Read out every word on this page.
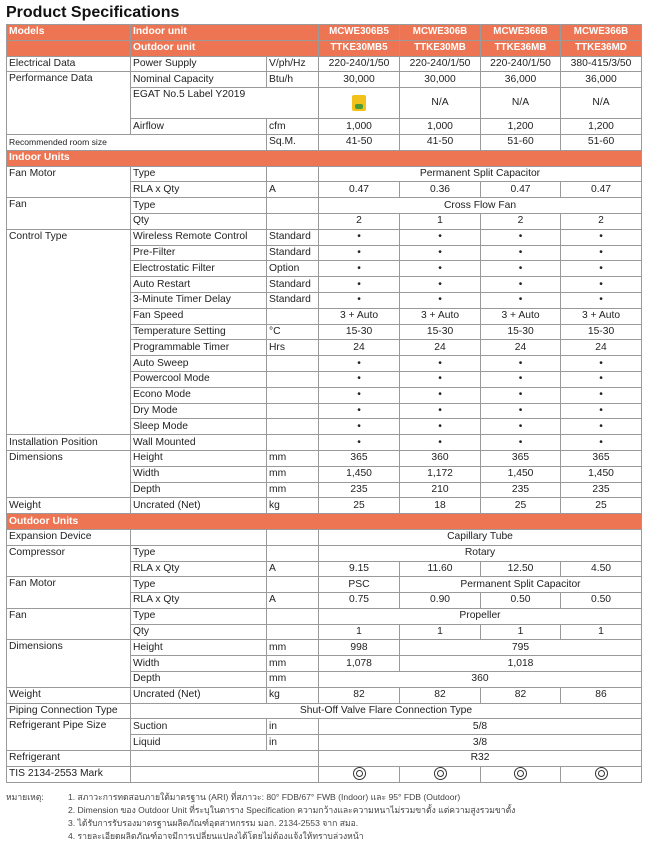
Product Specifications
Models	Indoor unit		MCWE306B5	MCWE306B	MCWE366B	MCWE366B
	Outdoor unit		TTKE30MB5	TTKE30MB	TTKE36MB	TTKE36MD
Electrical Data	Power Supply	V/ph/Hz	220-240/1/50	220-240/1/50	220-240/1/50	380-415/3/50
Performance Data	Nominal Capacity	Btu/h	30,000	30,000	36,000	36,000
	EGAT No.5 Label Y2019			N/A	N/A	N/A
	Airflow	cfm	1,000	1,000	1,200	1,200
Recommended room size		Sq.M.	41-50	41-50	51-60	51-60
Indoor Units						
Fan Motor	Type		Permanent Split Capacitor			
	RLA x Qty	A	0.47	0.36	0.47	0.47
Fan	Type		Cross Flow Fan			
	Qty		2	1	2	2
Control Type	Wireless Remote Control	Standard	•	•	•	•
	Pre-Filter	Standard	•	•	•	•
	Electrostatic Filter	Option	•	•	•	•
	Auto Restart	Standard	•	•	•	•
	3-Minute Timer Delay	Standard	•	•	•	•
	Fan Speed		3 + Auto	3 + Auto	3 + Auto	3 + Auto
	Temperature Setting	°C	15-30	15-30	15-30	15-30
	Programmable Timer	Hrs	24	24	24	24
	Auto Sweep		•	•	•	•
	Powercool Mode		•	•	•	•
	Econo Mode		•	•	•	•
	Dry Mode		•	•	•	•
	Sleep Mode		•	•	•	•
Installation Position	Wall Mounted		•	•	•	•
Dimensions	Height	mm	365	360	365	365
	Width	mm	1,450	1,172	1,450	1,450
	Depth	mm	235	210	235	235
Weight	Uncrated (Net)	kg	25	18	25	25
Outdoor Units						
Expansion Device			Capillary Tube			
Compressor	Type		Rotary			
	RLA x Qty	A	9.15	11.60	12.50	4.50
Fan Motor	Type		PSC	Permanent Split Capacitor		
	RLA x Qty	A	0.75	0.90	0.50	0.50
Fan	Type		Propeller			
	Qty		1	1	1	1
Dimensions	Height	mm	998	795		
	Width	mm	1,078	1,018		
	Depth	mm	360			
Weight	Uncrated (Net)	kg	82	82	82	86
Piping Connection Type	Shut-Off Valve Flare Connection Type					
Refrigerant Pipe Size	Suction	in	5/8			
	Liquid	in	3/8			
Refrigerant			R32			
TIS 2134-2553 Mark						
หมายเหตุ:	1. สภาวะการทดสอบภายใต้มาตรฐาน (ARI) ที่สภาวะ: 80° FDB/67° FWB (Indoor) และ 95° FDB (Outdoor)
2. Dimension ของ Outdoor Unit ที่ระบุในตาราง Specification ความกว้างและความหนาไม่รวมขาตั้ง แต่ความสูงรวมขาตั้ง
3. ได้รับการรับรองมาตรฐานผลิตภัณฑ์อุตสาหกรรม มอก. 2134-2553 จาก สมอ.
4. รายละเอียดผลิตภัณฑ์อาจมีการเปลี่ยนแปลงได้โดยไม่ต้องแจ้งให้ทราบล่วงหน้า
